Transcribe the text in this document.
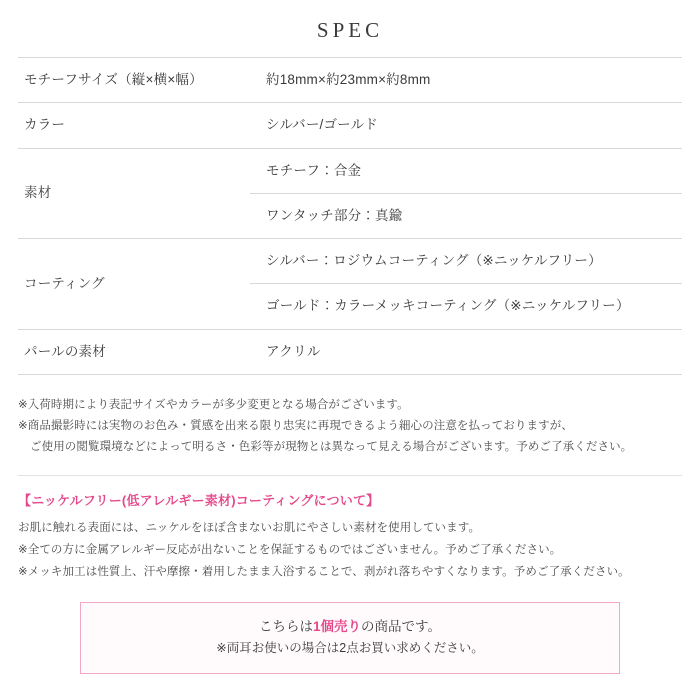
SPEC
モチーフサイズ（縦×横×幅）	約18mm×約23mm×約8mm
カラー	シルバー/ゴールド
素材	モチーフ：合金
	ワンタッチ部分：真鍮
コーティング	シルバー：ロジウムコーティング（※ニッケルフリー）
	ゴールド：カラーメッキコーティング（※ニッケルフリー）
パールの素材	アクリル

※入荷時期により表記サイズやカラーが多少変更となる場合がございます。

※商品撮影時には実物のお色み・質感を出来る限り忠実に再現できるよう細心の注意を払っておりますが、

ご使用の閲覧環境などによって明るさ・色彩等が現物とは異なって見える場合がございます。予めご了承ください。

【ニッケルフリー(低アレルギー素材)コーティングについて】

お肌に触れる表面には、ニッケルをほぼ含まないお肌にやさしい素材を使用しています。

※全ての方に金属アレルギー反応が出ないことを保証するものではございません。予めご了承ください。

※メッキ加工は性質上、汗や摩擦・着用したまま入浴することで、剥がれ落ちやすくなります。予めご了承ください。

こちらは1個売りの商品です。
※両耳お使いの場合は2点お買い求めください。
